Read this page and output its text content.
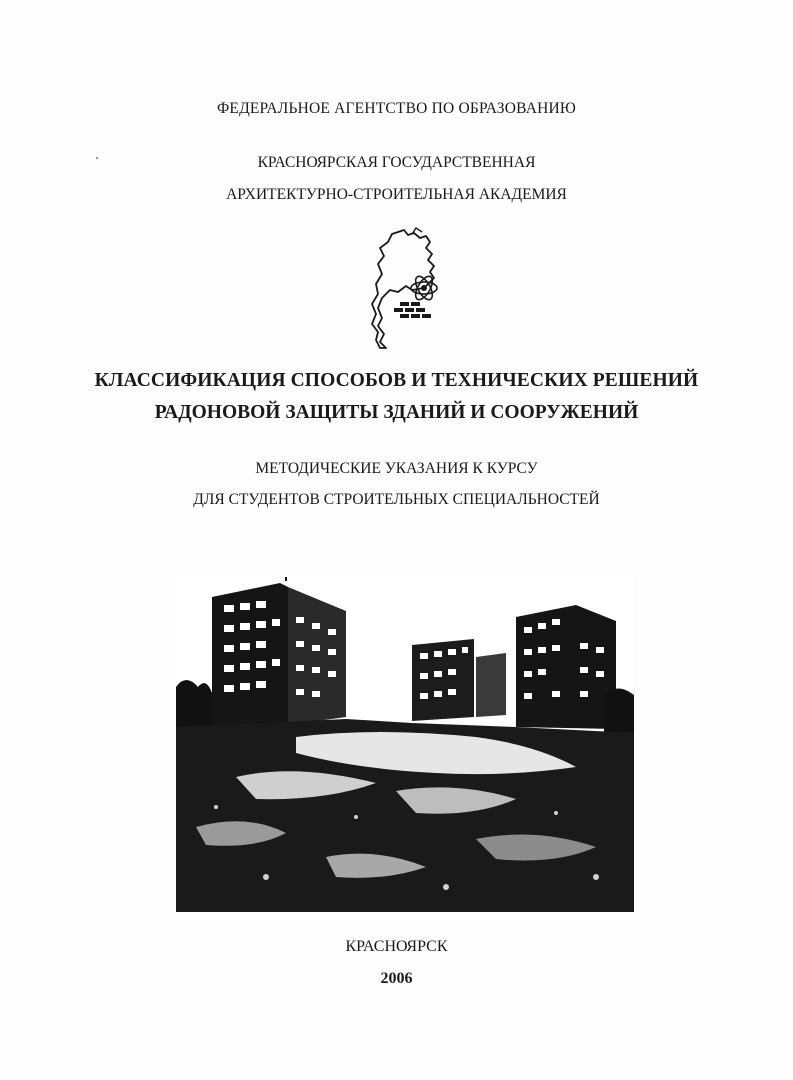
ФЕДЕРАЛЬНОЕ АГЕНТСТВО ПО ОБРАЗОВАНИЮ
КРАСНОЯРСКАЯ ГОСУДАРСТВЕННАЯ
АРХИТЕКТУРНО-СТРОИТЕЛЬНАЯ АКАДЕМИЯ
КЛАССИФИКАЦИЯ СПОСОБОВ И ТЕХНИЧЕСКИХ РЕШЕНИЙ
РАДОНОВОЙ ЗАЩИТЫ ЗДАНИЙ И СООРУЖЕНИЙ
МЕТОДИЧЕСКИЕ УКАЗАНИЯ К КУРСУ
ДЛЯ СТУДЕНТОВ СТРОИТЕЛЬНЫХ СПЕЦИАЛЬНОСТЕЙ
КРАСНОЯРСК
2006
